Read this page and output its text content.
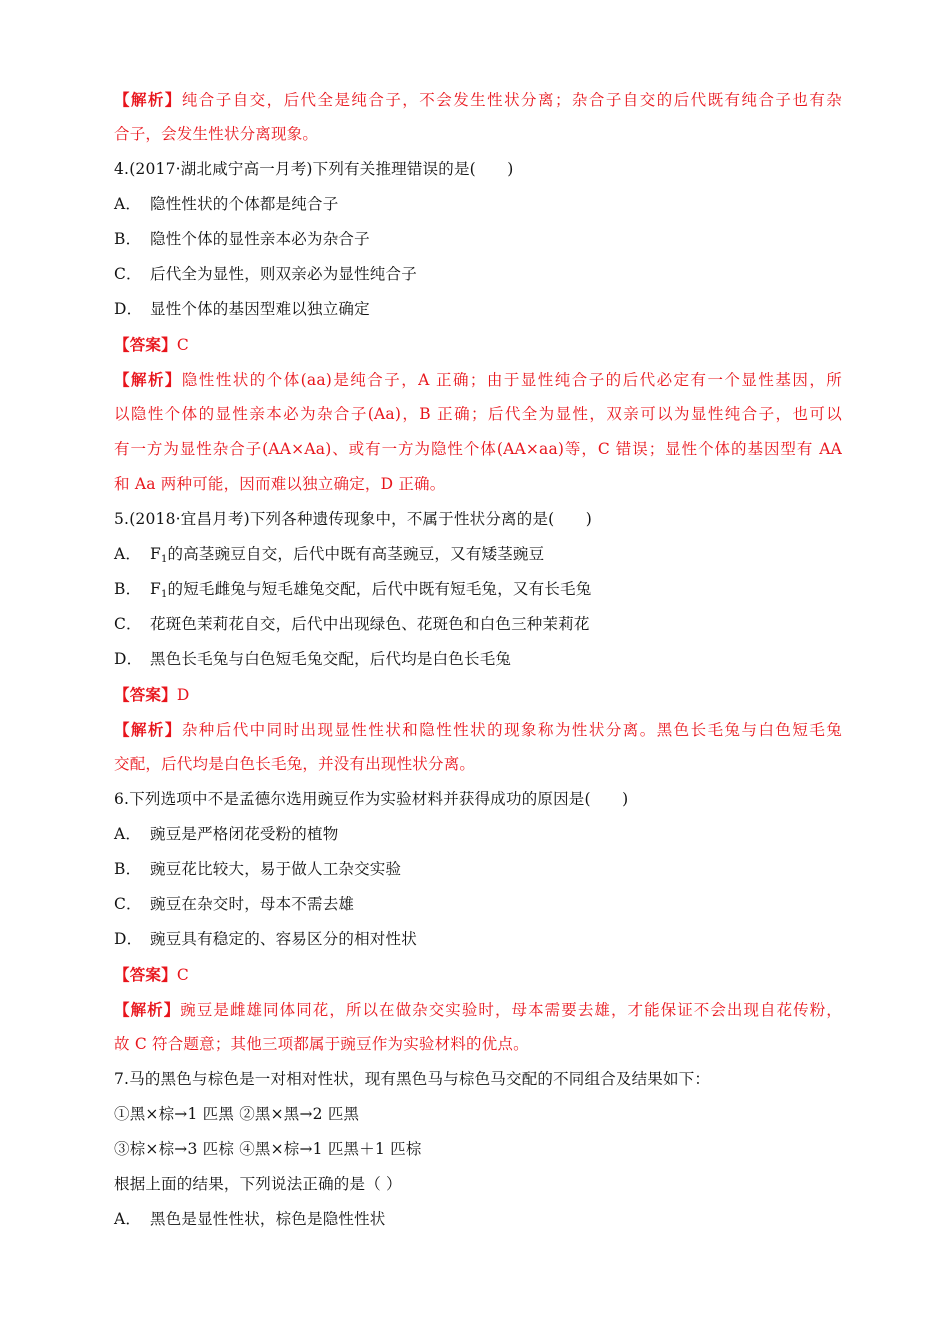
【解析】纯合子自交，后代全是纯合子，不会发生性状分离；杂合子自交的后代既有纯合子也有杂
合子，会发生性状分离现象。
4.(2017·湖北咸宁高一月考)下列有关推理错误的是(　　)
A． 隐性性状的个体都是纯合子
B． 隐性个体的显性亲本必为杂合子
C． 后代全为显性，则双亲必为显性纯合子
D． 显性个体的基因型难以独立确定
【答案】C
【解析】隐性性状的个体(aa)是纯合子，A 正确；由于显性纯合子的后代必定有一个显性基因，所
以隐性个体的显性亲本必为杂合子(Aa)，B 正确；后代全为显性，双亲可以为显性纯合子，也可以
有一方为显性杂合子(AA×Aa)、或有一方为隐性个体(AA×aa)等，C 错误；显性个体的基因型有 AA
和 Aa 两种可能，因而难以独立确定，D 正确。
5.(2018·宜昌月考)下列各种遗传现象中，不属于性状分离的是(　　)
A． $F_1$的高茎豌豆自交，后代中既有高茎豌豆，又有矮茎豌豆
B． $F_1$的短毛雌兔与短毛雄兔交配，后代中既有短毛兔，又有长毛兔
C． 花斑色茉莉花自交，后代中出现绿色、花斑色和白色三种茉莉花
D． 黑色长毛兔与白色短毛兔交配，后代均是白色长毛兔
【答案】D
【解析】杂种后代中同时出现显性性状和隐性性状的现象称为性状分离。黑色长毛兔与白色短毛兔
交配，后代均是白色长毛兔，并没有出现性状分离。
6.下列选项中不是孟德尔选用豌豆作为实验材料并获得成功的原因是(　　)
A． 豌豆是严格闭花受粉的植物
B． 豌豆花比较大，易于做人工杂交实验
C． 豌豆在杂交时，母本不需去雄
D． 豌豆具有稳定的、容易区分的相对性状
【答案】C
【解析】豌豆是雌雄同体同花，所以在做杂交实验时，母本需要去雄，才能保证不会出现自花传粉，
故 C 符合题意；其他三项都属于豌豆作为实验材料的优点。
7.马的黑色与棕色是一对相对性状，现有黑色马与棕色马交配的不同组合及结果如下：
①黑×棕→1 匹黑 ②黑×黑→2 匹黑
③棕×棕→3 匹棕 ④黑×棕→1 匹黑＋1 匹棕
根据上面的结果，下列说法正确的是（ ）
A． 黑色是显性性状，棕色是隐性性状
